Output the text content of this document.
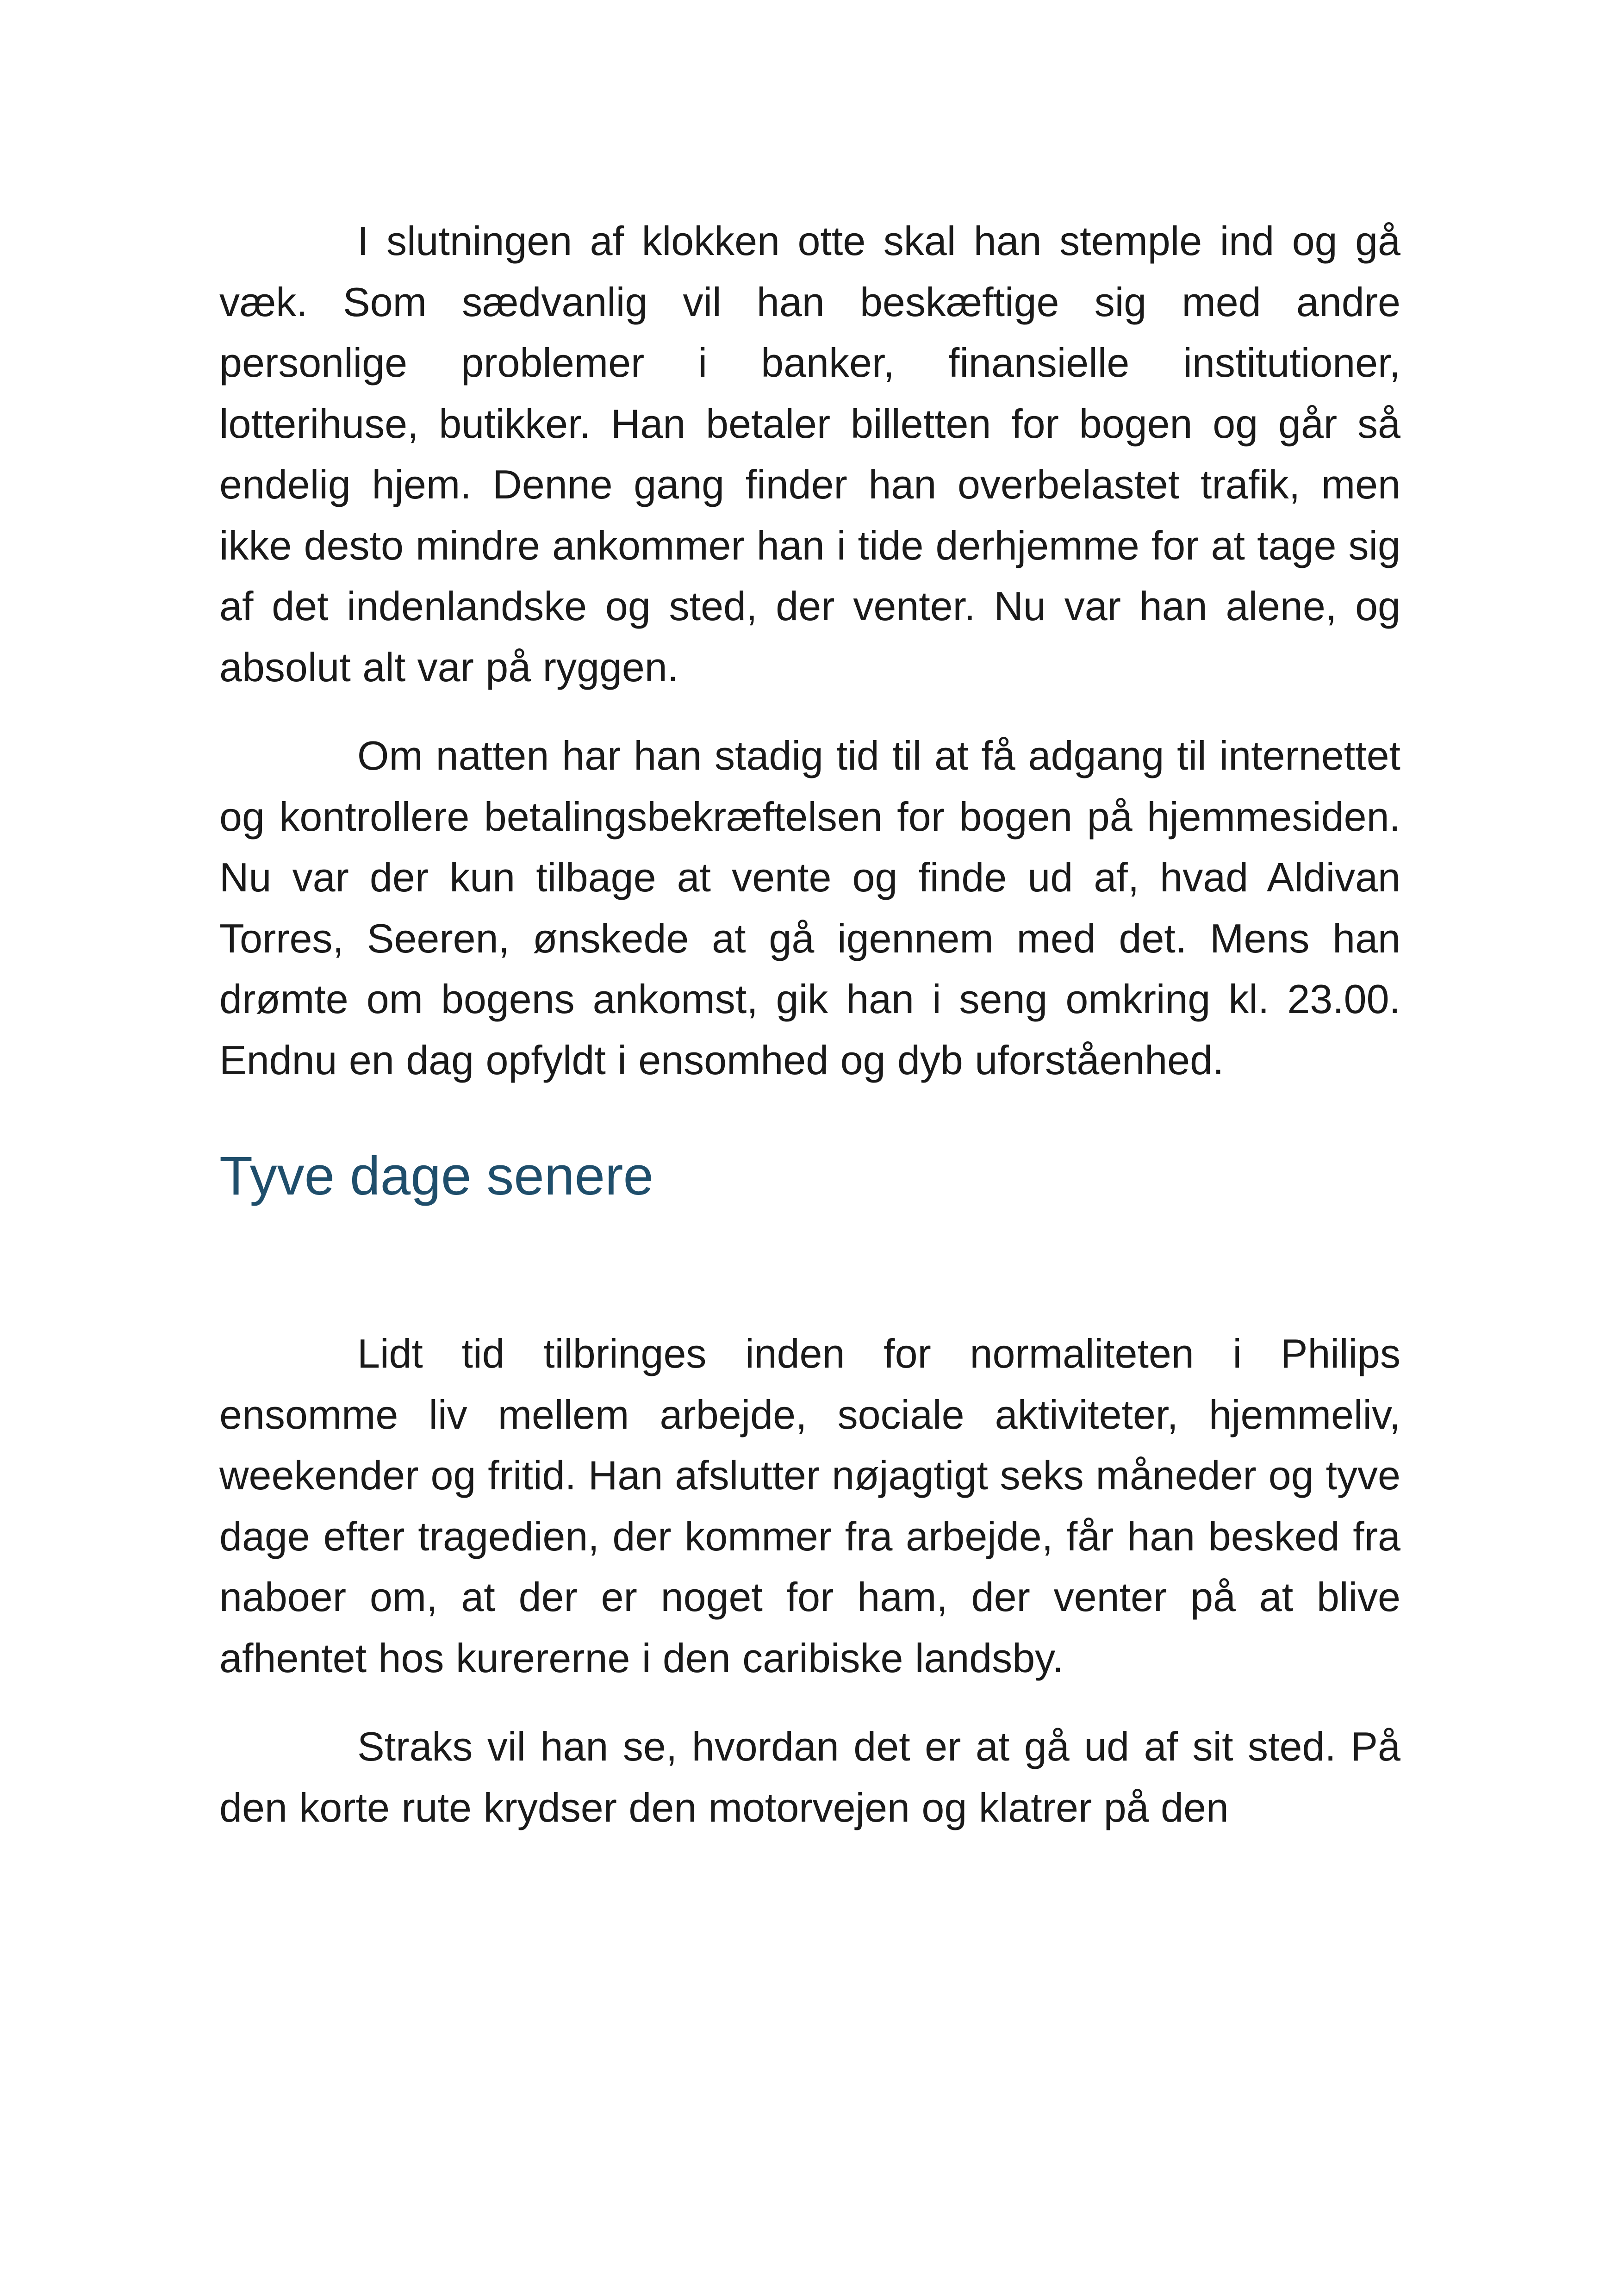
I slutningen af klokken otte skal han stemple ind og gå væk. Som sædvanlig vil han beskæftige sig med andre personlige problemer i banker, finansielle institutioner, lotterihuse, butikker. Han betaler billetten for bogen og går så endelig hjem. Denne gang finder han overbelastet trafik, men ikke desto mindre ankommer han i tide derhjemme for at tage sig af det indenlandske og sted, der venter. Nu var han alene, og absolut alt var på ryggen.

Om natten har han stadig tid til at få adgang til internettet og kontrollere betalingsbekræftelsen for bogen på hjemmesiden. Nu var der kun tilbage at vente og finde ud af, hvad Aldivan Torres, Seeren, ønskede at gå igennem med det. Mens han drømte om bogens ankomst, gik han i seng omkring kl. 23.00. Endnu en dag opfyldt i ensomhed og dyb uforståenhed.

Tyve dage senere

Lidt tid tilbringes inden for normaliteten i Philips ensomme liv mellem arbejde, sociale aktiviteter, hjemmeliv, weekender og fritid. Han afslutter nøjagtigt seks måneder og tyve dage efter tragedien, der kommer fra arbejde, får han besked fra naboer om, at der er noget for ham, der venter på at blive afhentet hos kurererne i den caribiske landsby.

Straks vil han se, hvordan det er at gå ud af sit sted. På den korte rute krydser den motorvejen og klatrer på den
